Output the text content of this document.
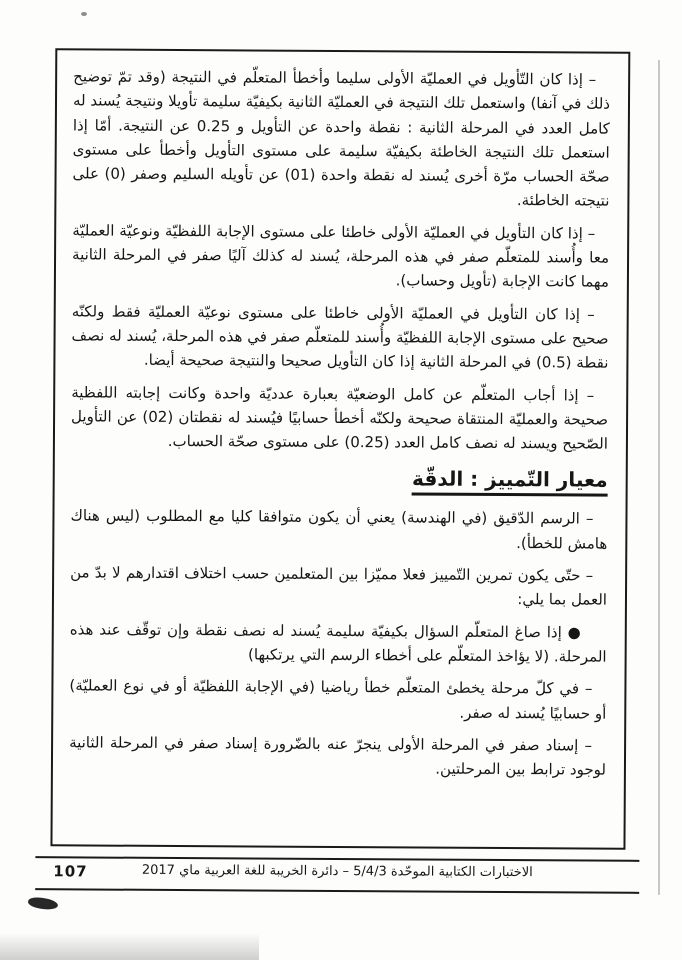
– إذا كان التّأويل في العمليّة الأولى سليما وأخطأ المتعلّم في النتيجة (وقد تمّ توضيح ذلك في آنفا) واستعمل تلك النتيجة في العمليّة الثانية بكيفيّة سليمة تأويلا ونتيجة يُسند له كامل العدد في المرحلة الثانية : نقطة واحدة عن التأويل و 0.25 عن النتيجة. أمّا إذا استعمل تلك النتيجة الخاطئة بكيفيّة سليمة على مستوى التأويل وأخطأ على مستوى صحّة الحساب مرّة أخرى يُسند له نقطة واحدة (01) عن تأويله السليم وصفر (0) على نتيجته الخاطئة.

– إذا كان التأويل في العمليّة الأولى خاطئا على مستوى الإجابة اللفظيّة ونوعيّة العمليّة معا وأُسند للمتعلّم صفر في هذه المرحلة، يُسند له كذلك آليًا صفر في المرحلة الثانية مهما كانت الإجابة (تأويل وحساب).

– إذا كان التأويل في العمليّة الأولى خاطئا على مستوى نوعيّة العمليّة فقط ولكنّه صحيح على مستوى الإجابة اللفظيّة وأُسند للمتعلّم صفر في هذه المرحلة، يُسند له نصف نقطة (0.5) في المرحلة الثانية إذا كان التأويل صحيحا والنتيجة صحيحة أيضا.

– إذا أجاب المتعلّم عن كامل الوضعيّة بعبارة عدديّة واحدة وكانت إجابته اللفظية صحيحة والعمليّة المنتقاة صحيحة ولكنّه أخطأ حسابيًا فيُسند له نقطتان (02) عن التأويل الصّحيح ويسند له نصف كامل العدد (0.25) على مستوى صحّة الحساب.

معيار التّمييز : الدقّة

– الرسم الدّقيق (في الهندسة) يعني أن يكون متوافقا كليا مع المطلوب (ليس هناك هامش للخطأ).

– حتّى يكون تمرين التّمييز فعلا مميّزا بين المتعلمين حسب اختلاف اقتدارهم لا بدّ من العمل بما يلي:

● إذا صاغ المتعلّم السؤال بكيفيّة سليمة يُسند له نصف نقطة وإن توقّف عند هذه المرحلة. (لا يؤاخذ المتعلّم على أخطاء الرسم التي يرتكبها)

– في كلّ مرحلة يخطئ المتعلّم خطأ رياضيا (في الإجابة اللفظيّة أو في نوع العمليّة) أو حسابيًا يُسند له صفر.

– إسناد صفر في المرحلة الأولى ينجرّ عنه بالضّرورة إسناد صفر في المرحلة الثانية لوجود ترابط بين المرحلتين.

107	الاختبارات الكتابية الموحّدة 5/4/3 – دائرة الخريبة للغة العربية ماي 2017
